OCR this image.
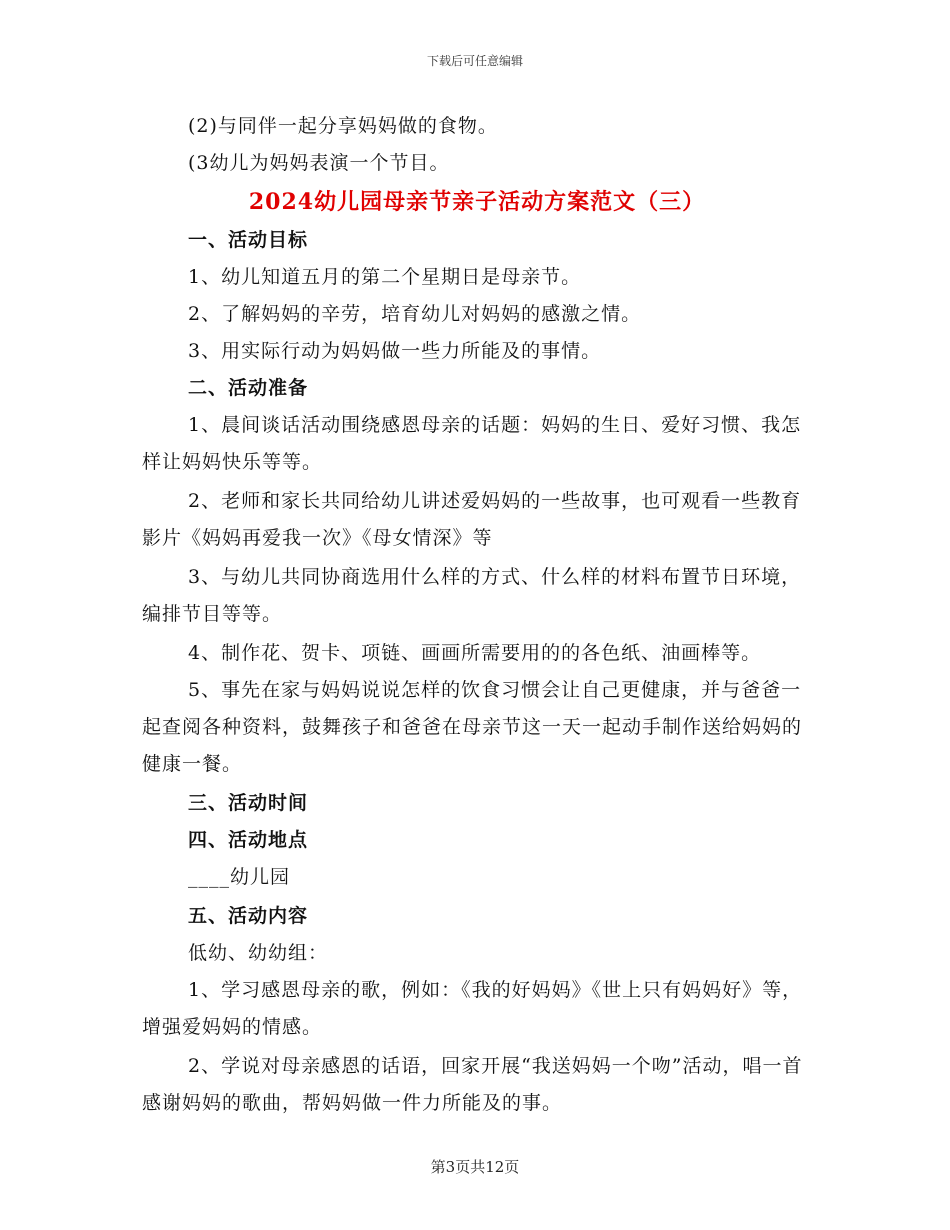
下载后可任意编辑

(2)与同伴一起分享妈妈做的食物。

(3幼儿为妈妈表演一个节目。

2024幼儿园母亲节亲子活动方案范文（三）

一、活动目标

1、幼儿知道五月的第二个星期日是母亲节。

2、了解妈妈的辛劳，培育幼儿对妈妈的感激之情。

3、用实际行动为妈妈做一些力所能及的事情。

二、活动准备

1、晨间谈话活动围绕感恩母亲的话题：妈妈的生日、爱好习惯、我怎样让妈妈快乐等等。

2、老师和家长共同给幼儿讲述爱妈妈的一些故事，也可观看一些教育影片《妈妈再爱我一次》《母女情深》等

3、与幼儿共同协商选用什么样的方式、什么样的材料布置节日环境，编排节目等等。

4、制作花、贺卡、项链、画画所需要用的的各色纸、油画棒等。

5、事先在家与妈妈说说怎样的饮食习惯会让自己更健康，并与爸爸一起查阅各种资料，鼓舞孩子和爸爸在母亲节这一天一起动手制作送给妈妈的健康一餐。

三、活动时间

四、活动地点

____幼儿园

五、活动内容

低幼、幼幼组：

1、学习感恩母亲的歌，例如：《我的好妈妈》《世上只有妈妈好》等，增强爱妈妈的情感。

2、学说对母亲感恩的话语，回家开展“我送妈妈一个吻”活动，唱一首感谢妈妈的歌曲，帮妈妈做一件力所能及的事。

第3页共12页
